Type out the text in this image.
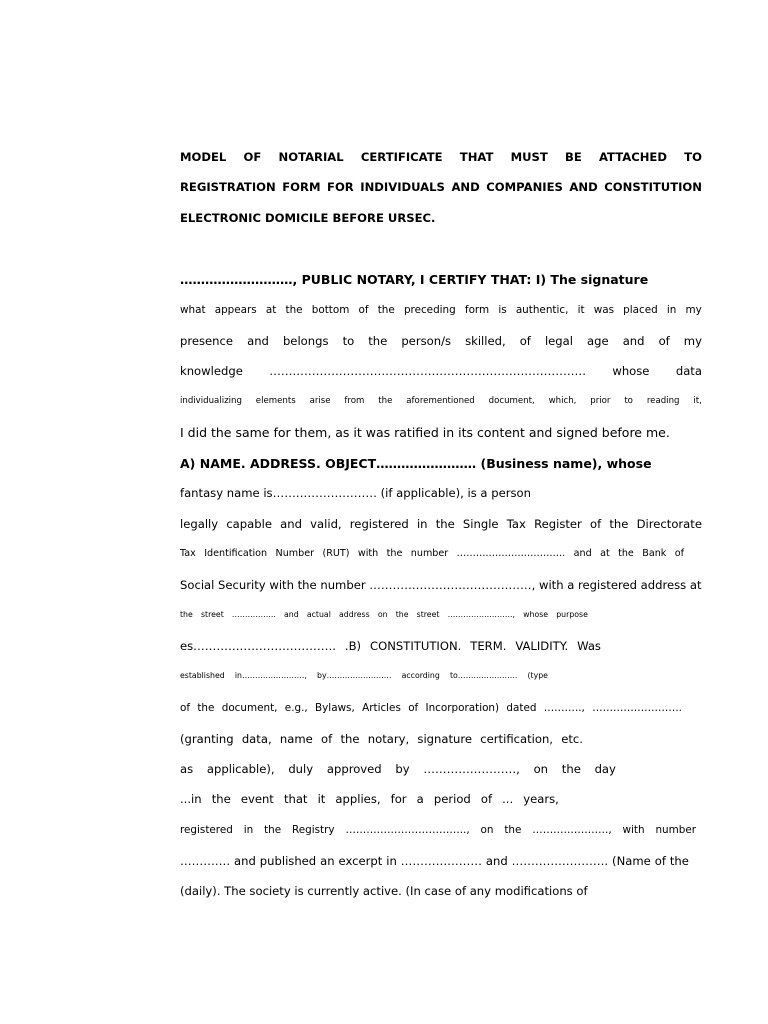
MODEL OF NOTARIAL CERTIFICATE THAT MUST BE ATTACHED TO
REGISTRATION FORM FOR INDIVIDUALS AND COMPANIES AND CONSTITUTION
ELECTRONIC DOMICILE BEFORE URSEC.
………………………, PUBLIC NOTARY, I CERTIFY THAT: I) The signature
what appears at the bottom of the preceding form is authentic, it was placed in my
presence and belongs to the person/s skilled, of legal age and of my
knowledge ………………………………………………………………………. whose data
individualizing elements arise from the aforementioned document, which, prior to reading it,
I did the same for them, as it was ratified in its content and signed before me.
A) NAME. ADDRESS. OBJECT…………………… (Business name), whose
fantasy name is……………………… (if applicable), is a person
legally capable and valid, registered in the Single Tax Register of the Directorate
Tax Identification Number (RUT) with the number ……………………………. and at the Bank of
Social Security with the number ……………………………………, with a registered address at
the street …………….. and actual address on the street ……………………., whose purpose
es………………………………. .B) CONSTITUTION. TERM. VALIDITY. Was
established in……………………, by……………………. according to………………….. (type
of the document, e.g., Bylaws, Articles of Incorporation) dated ……….., ……………………..
(granting data, name of the notary, signature certification, etc.
as applicable), duly approved by ……………………, on the day
...in the event that it applies, for a period of ... years,
registered in the Registry …………………………….., on the …………………., with number
…………. and published an excerpt in ………………… and ……………………. (Name of the
(daily). The society is currently active. (In case of any modifications of
